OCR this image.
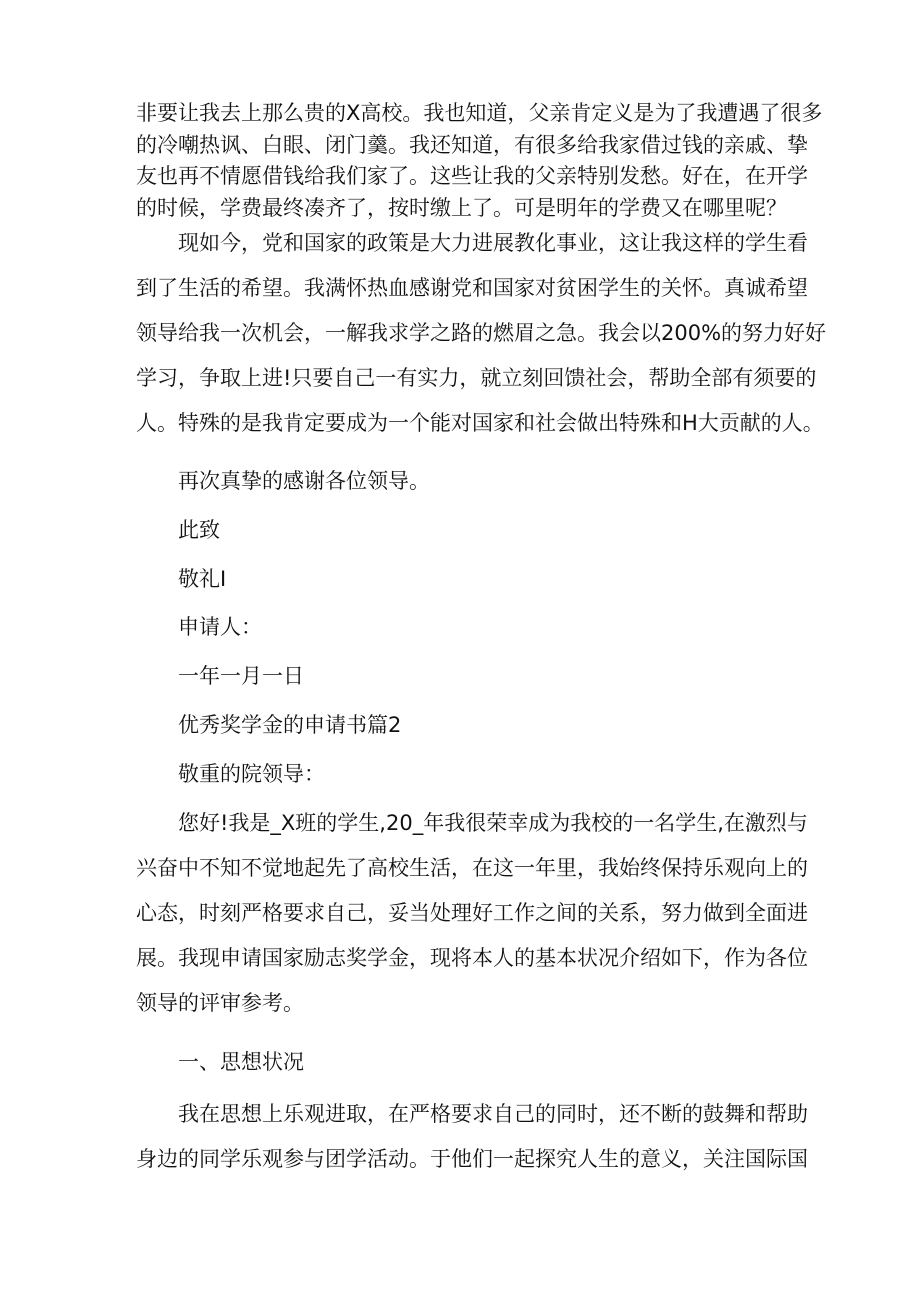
非要让我去上那么贵的X高校。我也知道，父亲肯定义是为了我遭遇了很多
的冷嘲热讽、白眼、闭门羹。我还知道，有很多给我家借过钱的亲戚、挚
友也再不情愿借钱给我们家了。这些让我的父亲特别发愁。好在，在开学
的时候，学费最终凑齐了，按时缴上了。可是明年的学费又在哪里呢？

　　现如今，党和国家的政策是大力进展教化事业，这让我这样的学生看
到了生活的希望。我满怀热血感谢党和国家对贫困学生的关怀。真诚希望
领导给我一次机会，一解我求学之路的燃眉之急。我会以200%的努力好好
学习，争取上进!只要自己一有实力，就立刻回馈社会，帮助全部有须要的
人。特殊的是我肯定要成为一个能对国家和社会做出特殊和H大贡献的人。

再次真挚的感谢各位领导。

此致

敬礼I

申请人：

一年一月一日

优秀奖学金的申请书篇2

敬重的院领导：

　　您好!我是_X班的学生,20_年我很荣幸成为我校的一名学生,在激烈与
兴奋中不知不觉地起先了高校生活，在这一年里，我始终保持乐观向上的
心态，时刻严格要求自己，妥当处理好工作之间的关系，努力做到全面进
展。我现申请国家励志奖学金，现将本人的基本状况介绍如下，作为各位
领导的评审参考。

一、思想状况

　　我在思想上乐观进取，在严格要求自己的同时，还不断的鼓舞和帮助
身边的同学乐观参与团学活动。于他们一起探究人生的意义，关注国际国
